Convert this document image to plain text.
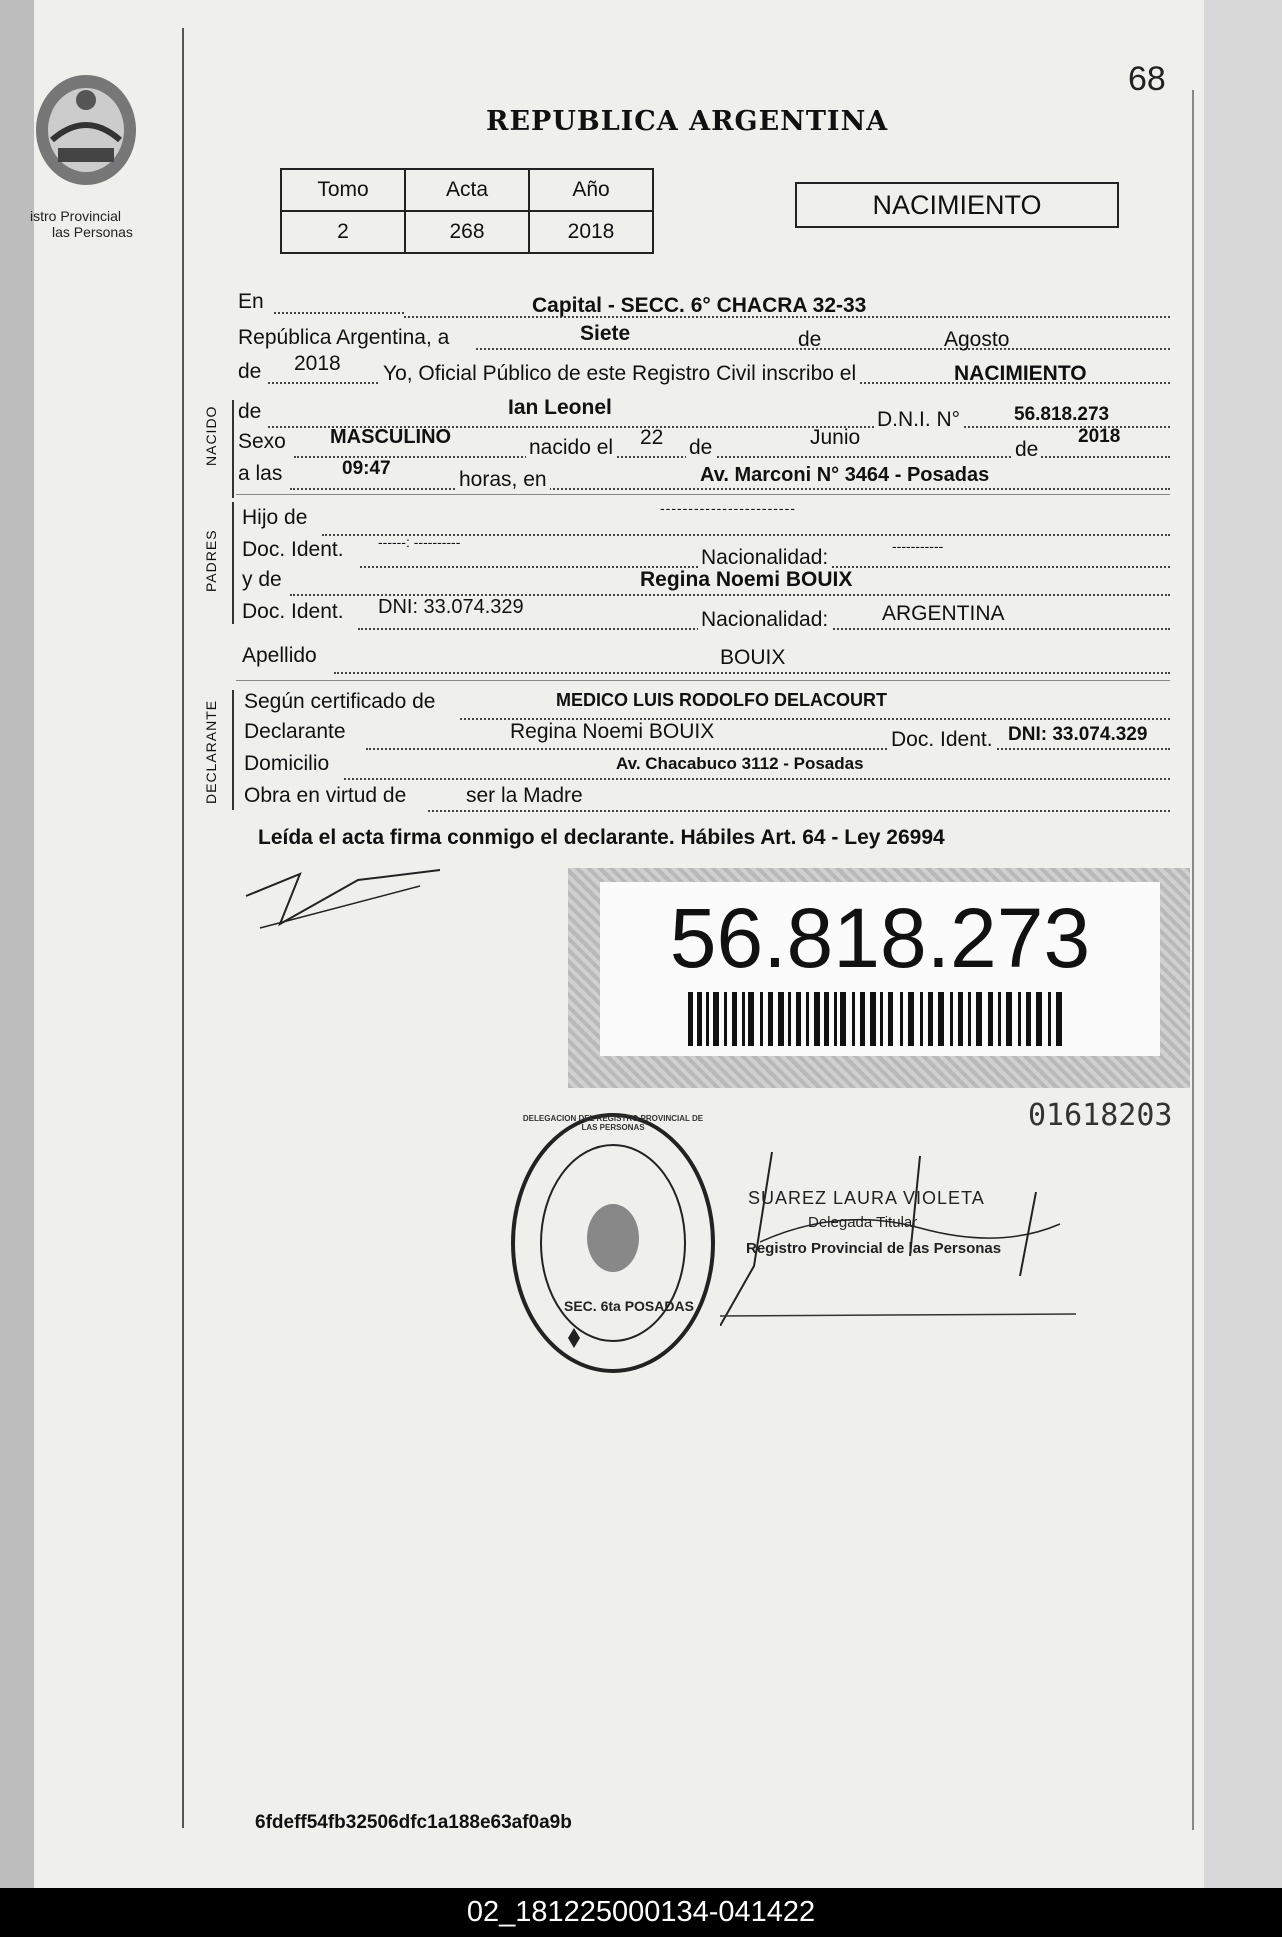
istro Provincial
las Personas
68
REPUBLICA ARGENTINA
Tomo	Acta	Año
2	268	2018
NACIMIENTO
En	Capital - SECC. 6° CHACRA 32-33
República Argentina, a	Siete	de	Agosto
de 2018 Yo, Oficial Público de este Registro Civil inscribo el	NACIMIENTO
NACIDO de	Ian Leonel
D.N.I. N°	56.818.273
Sexo MASCULINO	nacido el 22 de	Junio
de
2018
a las	09:47	horas, en	Av. Marconi N° 3464 - Posadas
PADRES
Hijo de	------------------------
Doc. Ident. ------: ----------
Nacionalidad:	-----------
y de	Regina Noemi BOUIX
Doc. Ident. DNI: 33.074.329
Nacionalidad:	ARGENTINA
Apellido	BOUIX
DECLARANTE Según certificado de	MEDICO LUIS RODOLFO DELACOURT
Declarante	Regina Noemi BOUIX	Doc. Ident. DNI: 33.074.329
Domicilio	Av. Chacabuco 3112 - Posadas
Obra en virtud de	ser la Madre
Leída el acta firma conmigo el declarante. Hábiles Art. 64 - Ley 26994
56.818.273
01618203
DELEGACION DEL REGISTRO PROVINCIAL DE LAS PERSONAS
SEC. 6ta POSADAS
SUAREZ LAURA VIOLETA
Delegada Titular
Registro Provincial de las Personas
6fdeff54fb32506dfc1a188e63af0a9b
02_181225000134-041422
